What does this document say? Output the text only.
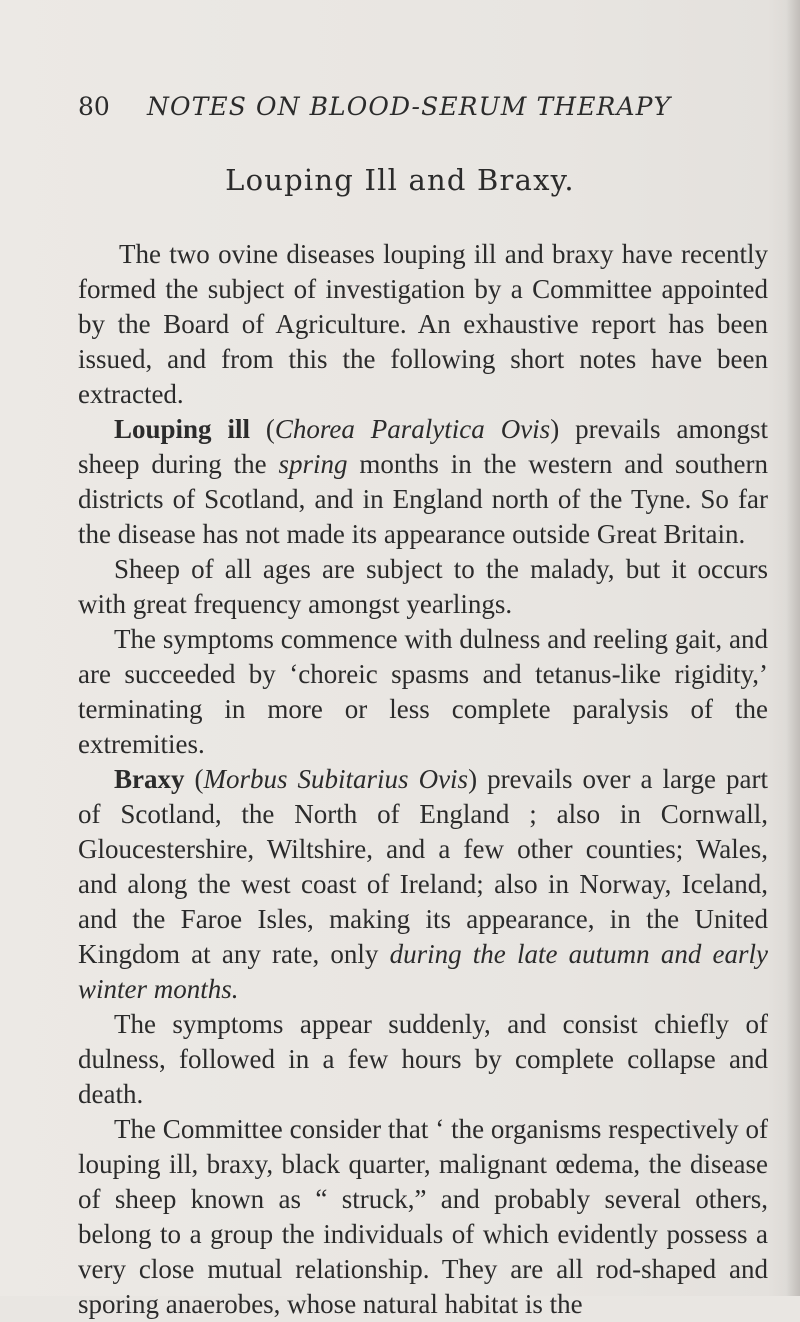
80 NOTES ON BLOOD-SERUM THERAPY
Louping Ill and Braxy.

The two ovine diseases louping ill and braxy have recently formed the subject of investigation by a Committee appointed by the Board of Agriculture. An exhaustive report has been issued, and from this the following short notes have been extracted.

Louping ill (Chorea Paralytica Ovis) prevails amongst sheep during the spring months in the western and southern districts of Scotland, and in England north of the Tyne. So far the disease has not made its appearance outside Great Britain.

Sheep of all ages are subject to the malady, but it occurs with great frequency amongst yearlings.

The symptoms commence with dulness and reeling gait, and are succeeded by ‘choreic spasms and tetanus-like rigidity,’ terminating in more or less complete paralysis of the extremities.

Braxy (Morbus Subitarius Ovis) prevails over a large part of Scotland, the North of England ; also in Cornwall, Gloucestershire, Wiltshire, and a few other counties; Wales, and along the west coast of Ireland; also in Norway, Iceland, and the Faroe Isles, making its appearance, in the United Kingdom at any rate, only during the late autumn and early winter months.

The symptoms appear suddenly, and consist chiefly of dulness, followed in a few hours by complete collapse and death.

The Committee consider that ‘ the organisms respectively of louping ill, braxy, black quarter, malignant œdema, the disease of sheep known as “ struck,” and probably several others, belong to a group the individuals of which evidently possess a very close mutual relationship. They are all rod-shaped and sporing anaerobes, whose natural habitat is the
